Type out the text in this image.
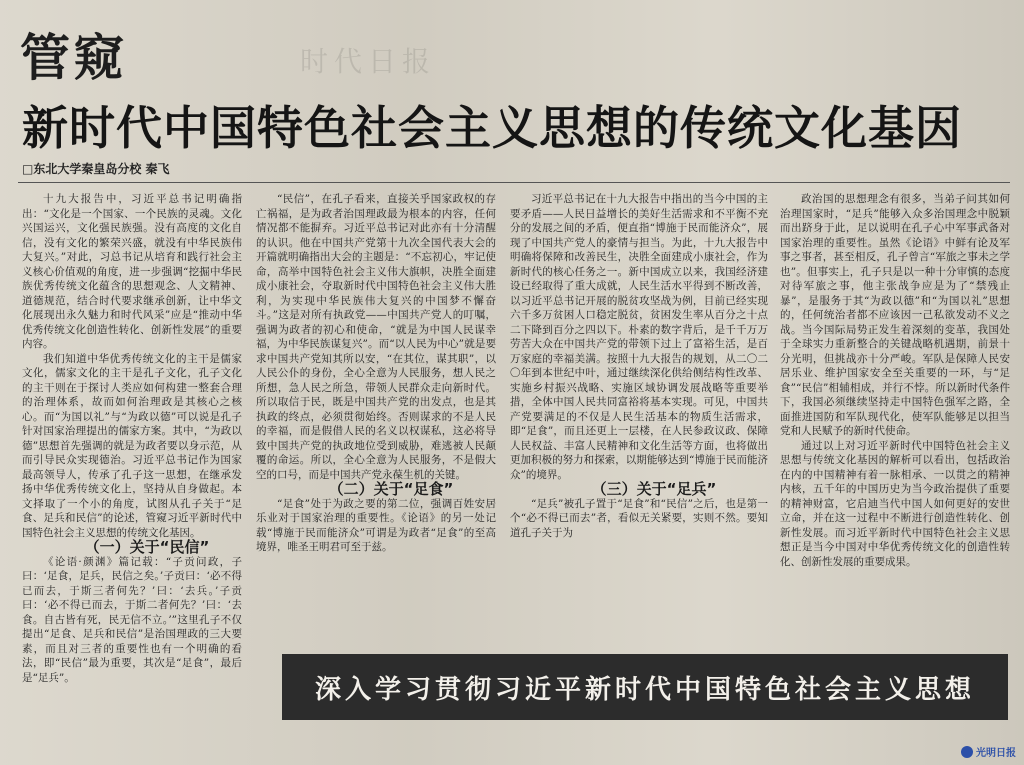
时代日报
管窥
新时代中国特色社会主义思想的传统文化基因
□东北大学秦皇岛分校 秦飞

十九大报告中，习近平总书记明确指出：“文化是一个国家、一个民族的灵魂。文化兴国运兴，文化强民族强。没有高度的文化自信，没有文化的繁荣兴盛，就没有中华民族伟大复兴。”对此，习总书记从培育和践行社会主义核心价值观的角度，进一步强调“挖掘中华民族优秀传统文化蕴含的思想观念、人文精神、道德规范，结合时代要求继承创新，让中华文化展现出永久魅力和时代风采”应是“推动中华优秀传统文化创造性转化、创新性发展”的重要内容。

我们知道中华优秀传统文化的主干是儒家文化，儒家文化的主干是孔子文化，孔子文化的主干则在于探讨人类应如何构建一整套合理的治理体系，故而如何治理政是其核心之核心。而“为国以礼”与“为政以德”可以说是孔子针对国家治理提出的儒家方案。其中，“为政以德”思想首先强调的就是为政者要以身示范，从而引导民众实现德治。习近平总书记作为国家最高领导人，传承了孔子这一思想，在继承发扬中华优秀传统文化上，坚持从自身做起。本文择取了一个小的角度，试图从孔子关于“足食、足兵和民信”的论述，管窥习近平新时代中国特色社会主义思想的传统文化基因。

（一）关于“民信”

《论语·颜渊》篇记载：“子贡问政，子曰：‘足食，足兵，民信之矣。’子贡曰：‘必不得已而去，于斯三者何先？’曰：‘去兵。’子贡曰：‘必不得已而去，于斯二者何先？’曰：‘去食。自古皆有死，民无信不立。’”这里孔子不仅提出“足食、足兵和民信”是治国理政的三大要素，而且对三者的重要性也有一个明确的看法，即“民信”最为重要，其次是“足食”，最后是“足兵”。

“民信”，在孔子看来，直接关乎国家政权的存亡祸福，是为政者治国理政最为根本的内容，任何情况都不能摒弃。习近平总书记对此亦有十分清醒的认识。他在中国共产党第十九次全国代表大会的开篇就明确指出大会的主题是：“不忘初心，牢记使命，高举中国特色社会主义伟大旗帜，决胜全面建成小康社会，夺取新时代中国特色社会主义伟大胜利，为实现中华民族伟大复兴的中国梦不懈奋斗。”这是对所有执政党——中国共产党人的叮嘱，强调为政者的初心和使命，“就是为中国人民谋幸福，为中华民族谋复兴”。而“以人民为中心”就是要求中国共产党知其所以安，“在其位，谋其职”，以人民公仆的身份，全心全意为人民服务，想人民之所想，急人民之所急，带领人民群众走向新时代。所以取信于民，既是中国共产党的出发点，也是其执政的终点，必须贯彻始终。否则谋求的不是人民的幸福，而是假借人民的名义以权谋私，这必将导致中国共产党的执政地位受到威胁，难逃被人民颠覆的命运。所以，全心全意为人民服务，不是假大空的口号，而是中国共产党永葆生机的关键。

（二）关于“足食”

“足食”处于为政之要的第二位，强调百姓安居乐业对于国家治理的重要性。《论语》的另一处记载“博施于民而能济众”可谓是为政者“足食”的至高境界，唯圣王明君可至于兹。

习近平总书记在十九大报告中指出的当今中国的主要矛盾——人民日益增长的美好生活需求和不平衡不充分的发展之间的矛盾，便直指“博施于民而能济众”，展现了中国共产党人的豪情与担当。为此，十九大报告中明确将保障和改善民生，决胜全面建成小康社会，作为新时代的核心任务之一。新中国成立以来，我国经济建设已经取得了重大成就，人民生活水平得到不断改善，以习近平总书记开展的脱贫攻坚战为例，目前已经实现六千多万贫困人口稳定脱贫，贫困发生率从百分之十点二下降到百分之四以下。朴素的数字背后，是千千万万劳苦大众在中国共产党的带领下过上了富裕生活，是百万家庭的幸福美满。按照十九大报告的规划，从二〇二〇年到本世纪中叶，通过继续深化供给侧结构性改革、实施乡村振兴战略、实施区域协调发展战略等重要举措，全体中国人民共同富裕将基本实现。可见，中国共产党要满足的不仅是人民生活基本的物质生活需求，即“足食”，而且还更上一层楼，在人民参政议政、保障人民权益、丰富人民精神和文化生活等方面，也将做出更加积极的努力和探索，以期能够达到“博施于民而能济众”的境界。

（三）关于“足兵”

“足兵”被孔子置于“足食”和“民信”之后，也是第一个“必不得已而去”者，看似无关紧要，实则不然。要知道孔子关于为

政治国的思想理念有很多，当弟子问其如何治理国家时，“足兵”能够入众多治国理念中脱颖而出跻身于此，足以说明在孔子心中军事武备对国家治理的重要性。虽然《论语》中鲜有论及军事之事者，甚至相反，孔子曾言“军旅之事未之学也”。但事实上，孔子只是以一种十分审慎的态度对待军旅之事，他主张战争应是为了“禁残止暴”，是服务于其“为政以德”和“为国以礼”思想的，任何统治者都不应该因一己私欲发动不义之战。当今国际局势正发生着深刻的变革，我国处于全球实力重新整合的关键战略机遇期，前景十分光明，但挑战亦十分严峻。军队是保障人民安居乐业、维护国家安全至关重要的一环，与“足食”“民信”相辅相成，并行不悖。所以新时代条件下，我国必须继续坚持走中国特色强军之路，全面推进国防和军队现代化，使军队能够足以担当党和人民赋予的新时代使命。

通过以上对习近平新时代中国特色社会主义思想与传统文化基因的解析可以看出，包括政治在内的中国精神有着一脉相承、一以贯之的精神内核，五千年的中国历史为当今政治提供了重要的精神财富，它启迪当代中国人如何更好的安世立命，并在这一过程中不断进行创造性转化、创新性发展。而习近平新时代中国特色社会主义思想正是当今中国对中华优秀传统文化的创造性转化、创新性发展的重要成果。

深入学习贯彻习近平新时代中国特色社会主义思想
光明日报
